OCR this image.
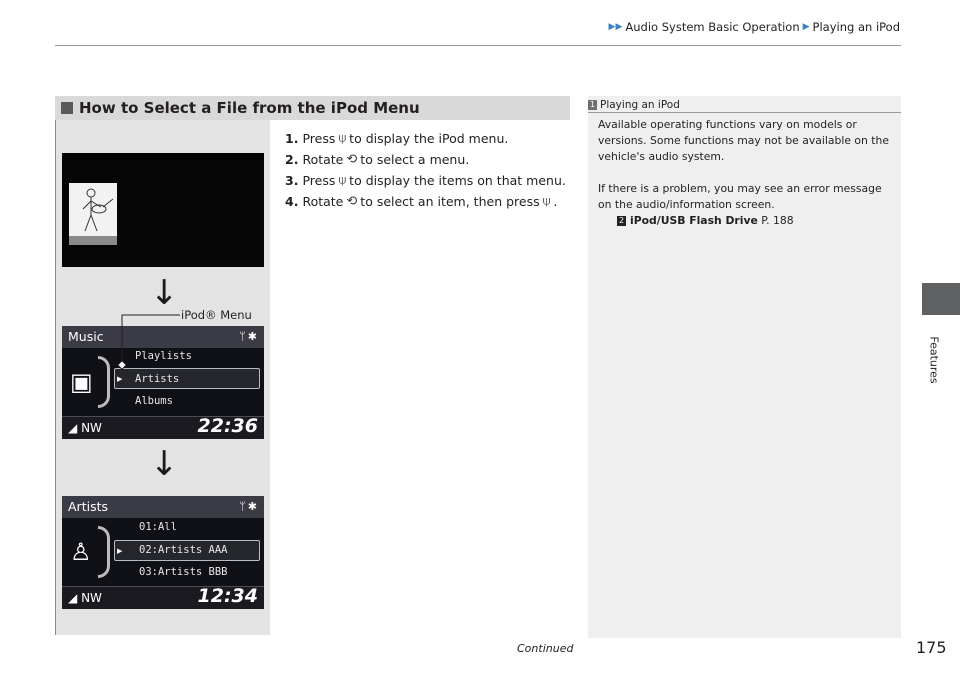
▶▶ Audio System Basic Operation ▶ Playing an iPod
Features
How to Select a File from the iPod Menu
↓
Music	ᛘ✱
▣	▶
Playlists
Artists
Albums
◢ NW	22:36
iPod® Menu
↓
Artists	ᛘ✱
♙	▶
01:All
02:Artists AAA
03:Artists BBB
◢ NW	12:34
1. Press ⍦ to display the iPod menu.
2. Rotate ⟲ to select a menu.
3. Press ⍦ to display the items on that menu.
4. Rotate ⟲ to select an item, then press ⍦ .
1 Playing an iPod

Available operating functions vary on models or versions. Some functions may not be available on the vehicle's audio system.

If there is a problem, you may see an error message on the audio/information screen.

2 iPod/USB Flash Drive
P. 188
Continued	175
